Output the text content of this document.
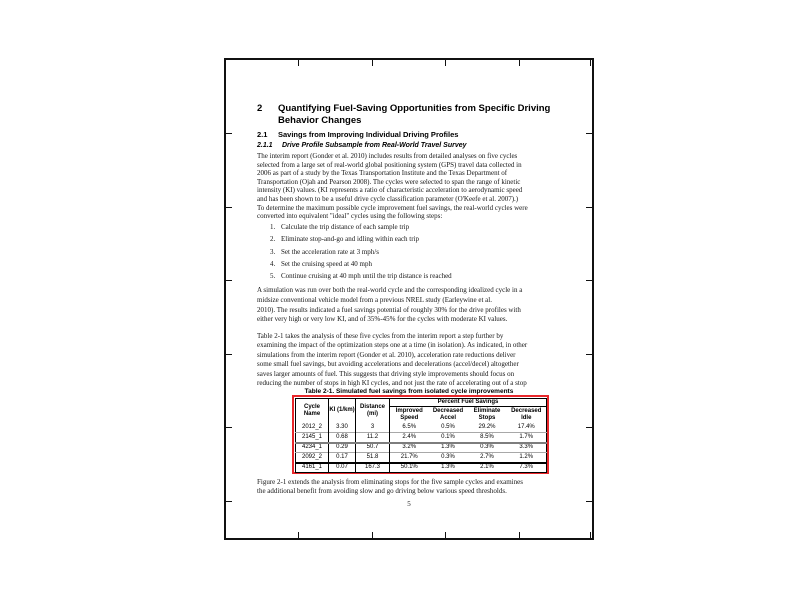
2	Quantifying Fuel-Saving Opportunities from Specific Driving
Behavior Changes
2.1	Savings from Improving Individual Driving Profiles
2.1.1	Drive Profile Subsample from Real-World Travel Survey
The interim report (Gonder et al. 2010) includes results from detailed analyses on five cycles
selected from a large set of real-world global positioning system (GPS) travel data collected in
2006 as part of a study by the Texas Transportation Institute and the Texas Department of
Transportation (Ojah and Pearson 2008). The cycles were selected to span the range of kinetic
intensity (KI) values. (KI represents a ratio of characteristic acceleration to aerodynamic speed
and has been shown to be a useful drive cycle classification parameter (O'Keefe et al. 2007).)
To determine the maximum possible cycle improvement fuel savings, the real-world cycles were
converted into equivalent "ideal" cycles using the following steps:
1. Calculate the trip distance of each sample trip
2. Eliminate stop-and-go and idling within each trip
3. Set the acceleration rate at 3 mph/s
4. Set the cruising speed at 40 mph
5. Continue cruising at 40 mph until the trip distance is reached
A simulation was run over both the real-world cycle and the corresponding idealized cycle in a
midsize conventional vehicle model from a previous NREL study (Earleywine et al.
2010). The results indicated a fuel savings potential of roughly 30% for the drive profiles with
either very high or very low KI, and of 35%-45% for the cycles with moderate KI values.
Table 2-1 takes the analysis of these five cycles from the interim report a step further by
examining the impact of the optimization steps one at a time (in isolation). As indicated, in other
simulations from the interim report (Gonder et al. 2010), acceleration rate reductions deliver
some small fuel savings, but avoiding accelerations and decelerations (accel/decel) altogether
saves larger amounts of fuel. This suggests that driving style improvements should focus on
reducing the number of stops in high KI cycles, and not just the rate of accelerating out of a stop
Table 2-1. Simulated fuel savings from isolated cycle improvements
Cycle Name	KI (1/km)	Distance (mi)	Percent Fuel Savings			
			Improved Speed	Decreased Accel	Eliminate Stops	Decreased Idle
2012_2	3.30	3	6.5%	0.5%	29.2%	17.4%
2145_1	0.68	11.2	2.4%	0.1%	8.5%	1.7%
4234_1	0.29	50.7	3.2%	1.3%	0.3%	3.3%
2092_2	0.17	51.8	21.7%	0.3%	2.7%	1.2%
4161_1	0.07	167.3	50.1%	1.3%	2.1%	7.3%
Figure 2-1 extends the analysis from eliminating stops for the five sample cycles and examines
the additional benefit from avoiding slow and go driving below various speed thresholds.
5
